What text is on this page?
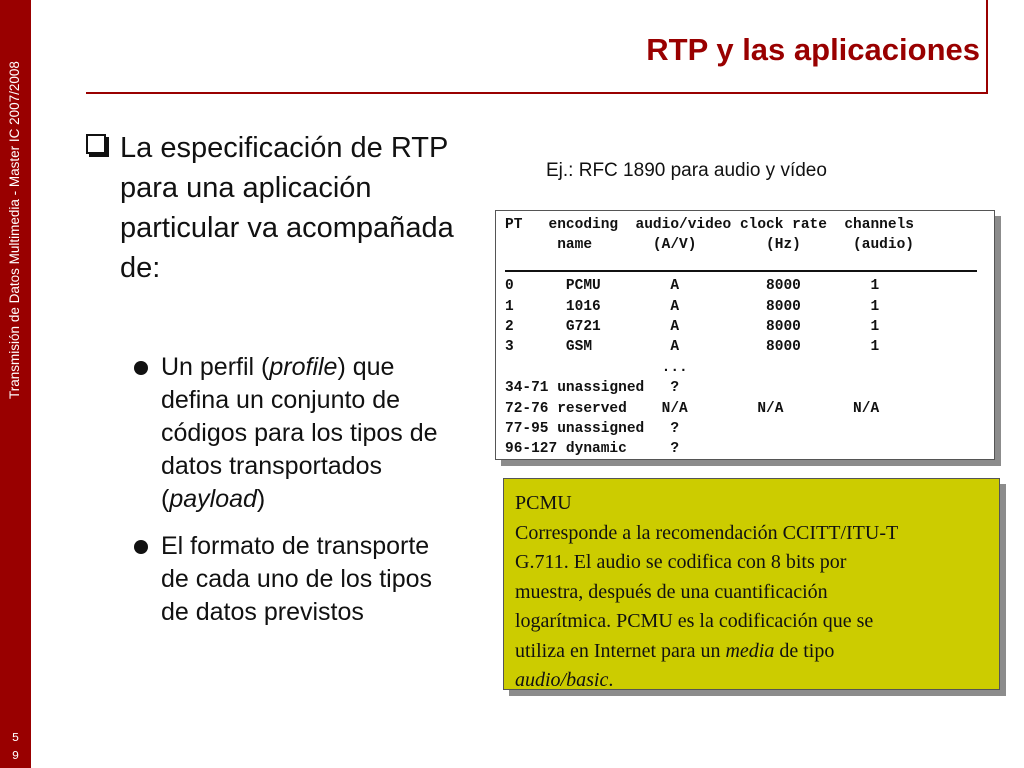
Transmisión de Datos Multimedia - Master IC 2007/2008
5
9
RTP y las aplicaciones
La especificación de RTP para una aplicación particular va acompañada de:
Un perfil (profile) que defina un conjunto de códigos para los tipos de datos transportados (payload)
El formato de transporte de cada uno de los tipos de datos previstos
Ej.: RFC 1890 para audio y vídeo
PT   encoding  audio/video clock rate  channels
name       (A/V)        (Hz)      (audio)

0      PCMU        A          8000        1
1      1016        A          8000        1
2      G721        A          8000        1
3      GSM         A          8000        1
...
34-71 unassigned   ?
72-76 reserved    N/A        N/A        N/A
77-95 unassigned   ?
96-127 dynamic     ?
PCMU
Corresponde a la recomendación CCITT/ITU-T
G.711. El audio se codifica con 8 bits por
muestra, después de una cuantificación
logarítmica. PCMU es la codificación que se
utiliza en Internet para un media de tipo
audio/basic.
